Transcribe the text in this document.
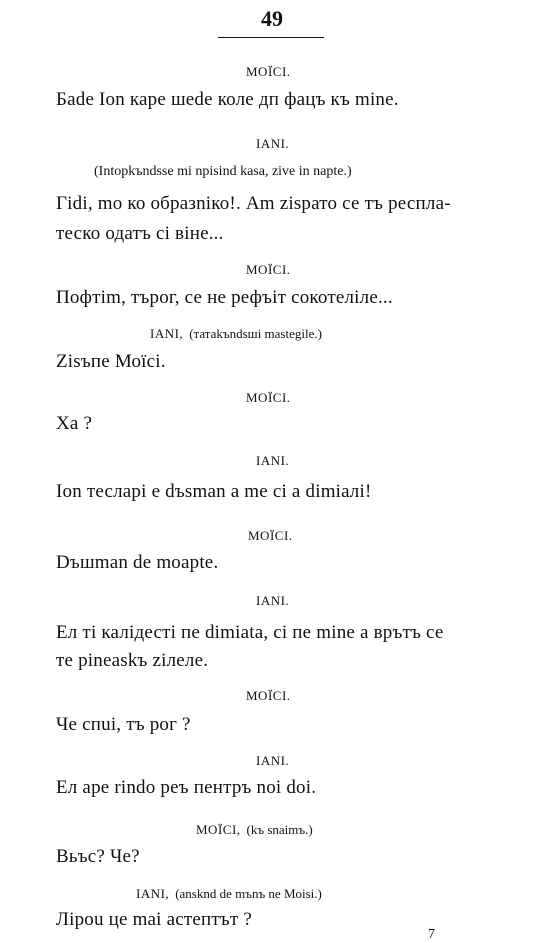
49
МОЇСІ.
Бade Ion каре шеde коле дп фацъ къ mine.
ІАNІ.
(Intopkъndsse mi npisind kasa, zive in napte.)
Гidi, mo ко образniко!. Am zisрато се тъ респла-
теско одатъ сі віне...
МОЇСІ.
Пофтim, търог, се не рефъіт сокотелiле...
ІАNІ, (татаkъndsшi mastegile.)
Zisъпе Моїсі.
МОЇСІ.
Ха ?
ІАNІ.
Ion теслapi е dъsman а me сі а dimiaлi!
МОЇСІ.
Dъшman de moapte.
ІАNІ.
Ел ті калiдесті пе dimiata, сі пе mine а врътъ се
те ріneaskъ ziлеле.
МОЇСІ.
Че спui, тъ рог ?
ІАNІ.
Ел аре rindo реъ пентръ noi doi.
МОЇСІ, (kъ snaimъ.)
Вьъс? Че?
ІАNІ, (ansknd de mъnъ ne Moisi.)
Лipou це mai астептът ?
7
